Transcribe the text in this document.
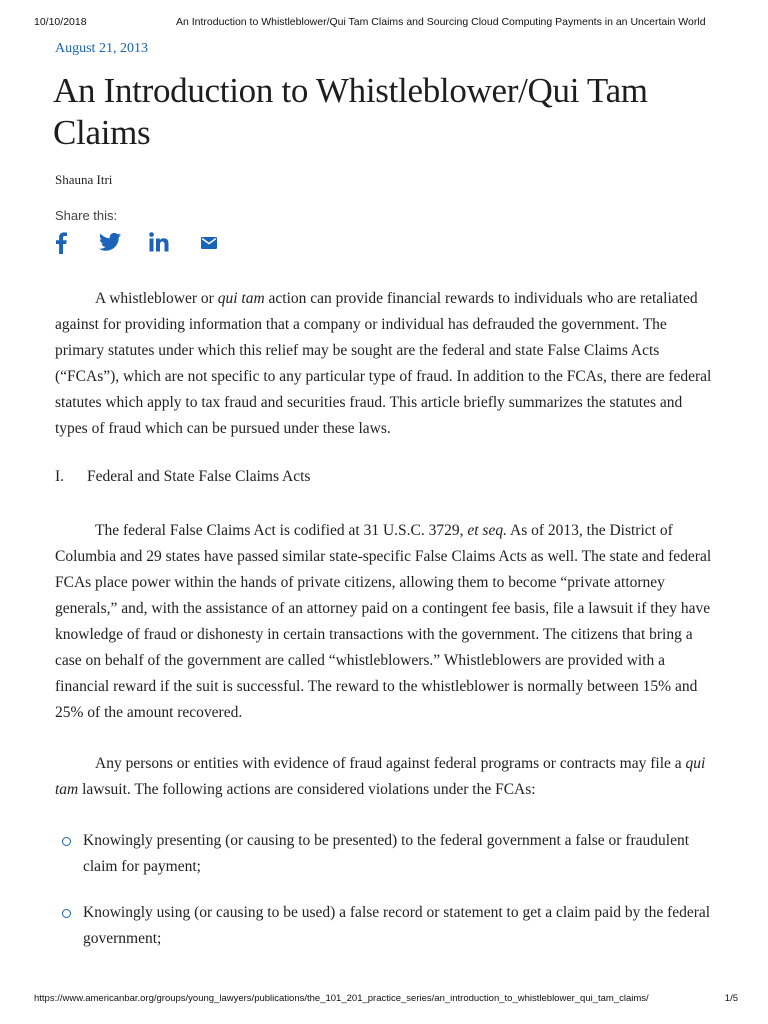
10/10/2018	An Introduction to Whistleblower/Qui Tam Claims and Sourcing Cloud Computing Payments in an Uncertain World
August 21, 2013
An Introduction to Whistleblower/Qui Tam Claims
Shauna Itri
Share this:

A whistleblower or qui tam action can provide financial rewards to individuals who are retaliated against for providing information that a company or individual has defrauded the government. The primary statutes under which this relief may be sought are the federal and state False Claims Acts (“FCAs”), which are not specific to any particular type of fraud. In addition to the FCAs, there are federal statutes which apply to tax fraud and securities fraud. This article briefly summarizes the statutes and types of fraud which can be pursued under these laws.

I. Federal and State False Claims Acts

The federal False Claims Act is codified at 31 U.S.C. 3729, et seq. As of 2013, the District of Columbia and 29 states have passed similar state-specific False Claims Acts as well. The state and federal FCAs place power within the hands of private citizens, allowing them to become “private attorney generals,” and, with the assistance of an attorney paid on a contingent fee basis, file a lawsuit if they have knowledge of fraud or dishonesty in certain transactions with the government. The citizens that bring a case on behalf of the government are called “whistleblowers.” Whistleblowers are provided with a financial reward if the suit is successful. The reward to the whistleblower is normally between 15% and 25% of the amount recovered.

Any persons or entities with evidence of fraud against federal programs or contracts may file a qui tam lawsuit. The following actions are considered violations under the FCAs:

Knowingly presenting (or causing to be presented) to the federal government a false or fraudulent claim for payment;
Knowingly using (or causing to be used) a false record or statement to get a claim paid by the federal government;
https://www.americanbar.org/groups/young_lawyers/publications/the_101_201_practice_series/an_introduction_to_whistleblower_qui_tam_claims/	1/5
